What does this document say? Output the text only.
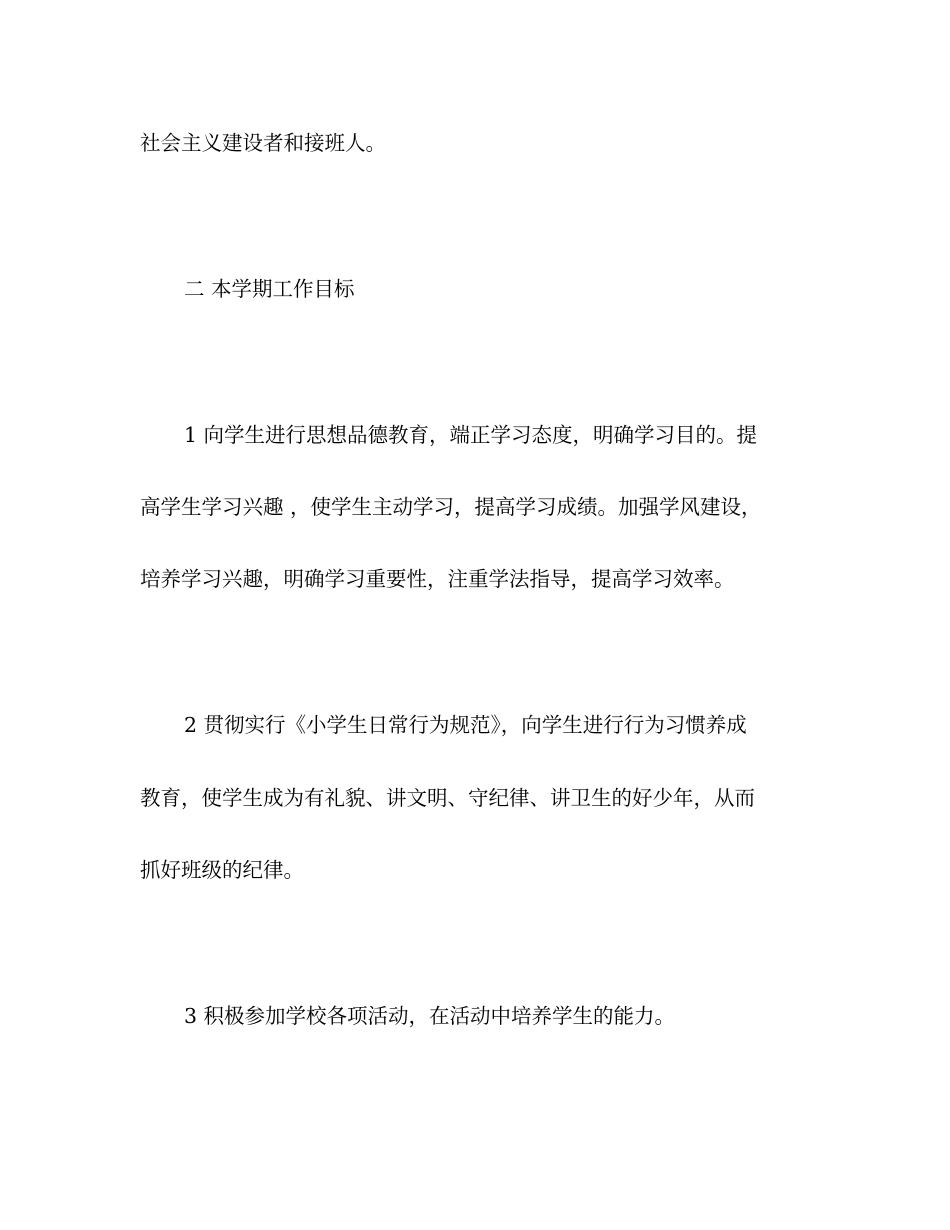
社会主义建设者和接班人。
二 本学期工作目标
1 向学生进行思想品德教育，端正学习态度，明确学习目的。提
高学生学习兴趣 ，使学生主动学习，提高学习成绩。加强学风建设，
培养学习兴趣，明确学习重要性，注重学法指导，提高学习效率。
2 贯彻实行《小学生日常行为规范》，向学生进行行为习惯养成
教育，使学生成为有礼貌、讲文明、守纪律、讲卫生的好少年，从而
抓好班级的纪律。
3 积极参加学校各项活动，在活动中培养学生的能力。
